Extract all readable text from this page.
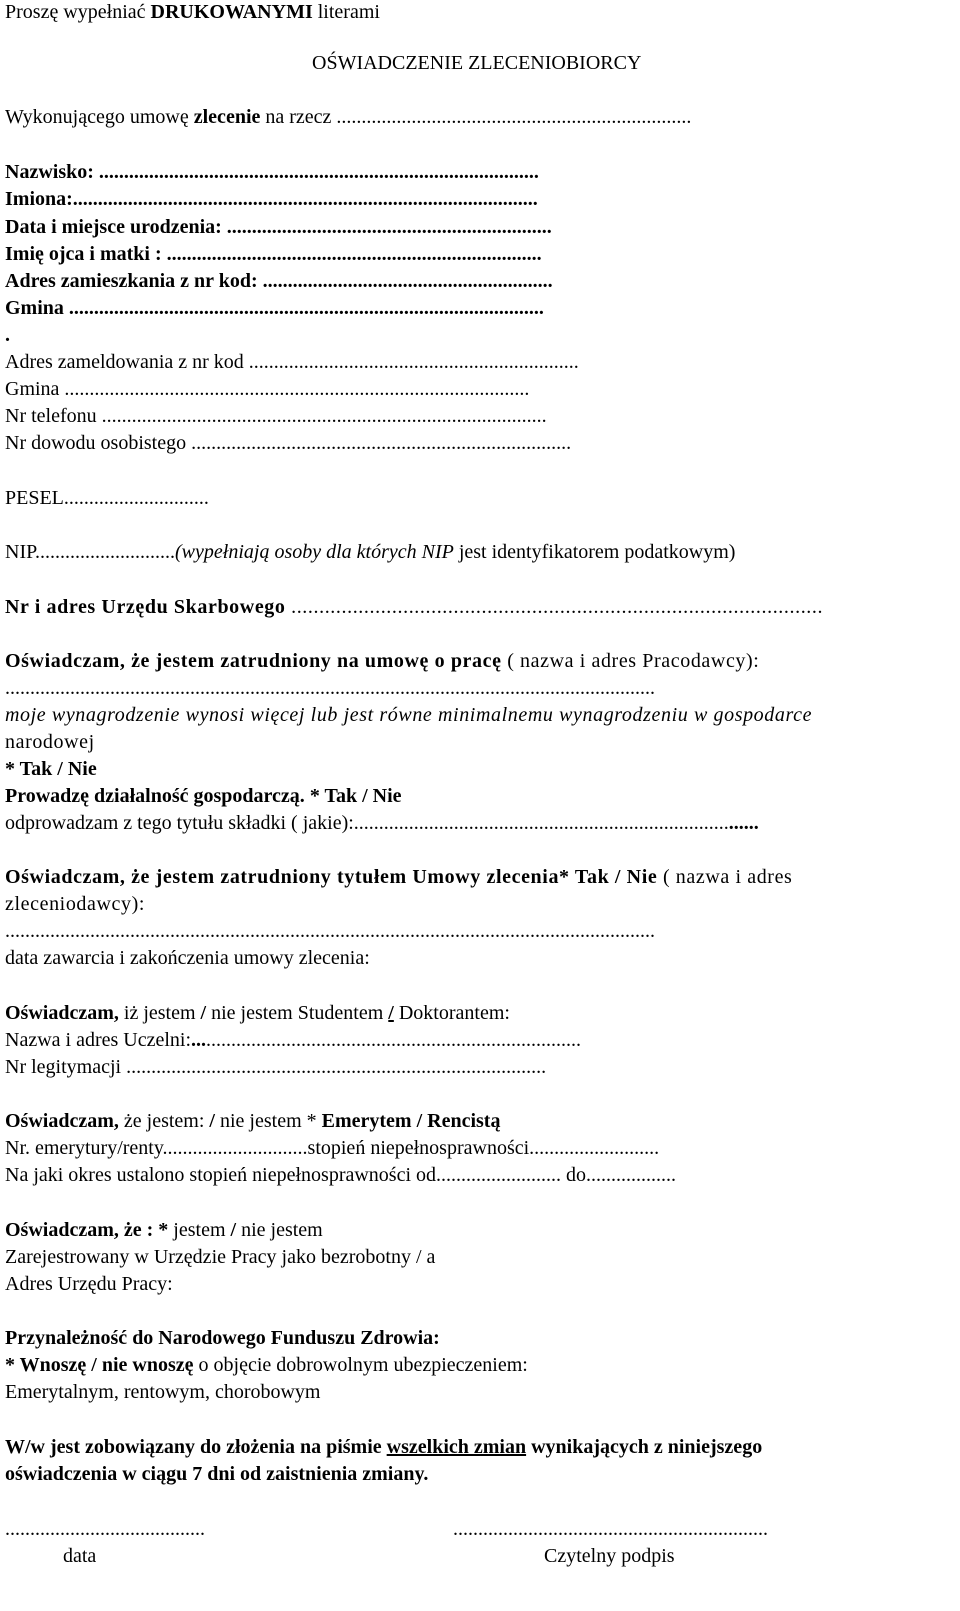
Proszę wypełniać DRUKOWANYMI literami
OŚWIADCZENIE ZLECENIOBIORCY
Wykonującego umowę zlecenie na rzecz .......................................................................
Nazwisko: ........................................................................................
Imiona:.............................................................................................
Data i miejsce urodzenia: .................................................................
Imię ojca i matki : ...........................................................................
Adres zamieszkania z nr kod: ..........................................................
Gmina ...............................................................................................
.
Adres zameldowania z nr kod ..................................................................
Gmina .............................................................................................
Nr telefonu .........................................................................................
Nr dowodu osobistego ............................................................................
PESEL.............................
NIP............................(wypełniają osoby dla których NIP jest identyfikatorem podatkowym)
Nr i adres Urzędu Skarbowego ...............................................................................................
Oświadczam, że jestem zatrudniony na umowę o pracę ( nazwa i adres Pracodawcy):
..................................................................................................................................
moje wynagrodzenie wynosi więcej lub jest równe minimalnemu wynagrodzeniu w gospodarce
narodowej
* Tak / Nie
Prowadzę działalność gospodarczą. * Tak / Nie
odprowadzam z tego tytułu składki ( jakie):.................................................................................
Oświadczam, że jestem zatrudniony tytułem Umowy zlecenia* Tak / Nie ( nazwa i adres
zleceniodawcy):
..................................................................................................................................
data zawarcia i zakończenia umowy zlecenia:
Oświadczam, iż jestem / nie jestem Studentem / Doktorantem:
Nazwa i adres Uczelni:..............................................................................
Nr legitymacji ....................................................................................
Oświadczam, że jestem: / nie jestem * Emerytem / Rencistą
Nr. emerytury/renty.............................stopień niepełnosprawności..........................
Na jaki okres ustalono stopień niepełnosprawności od......................... do..................
Oświadczam, że : * jestem / nie jestem
Zarejestrowany w Urzędzie Pracy jako bezrobotny / a
Adres Urzędu Pracy:
Przynależność do Narodowego Funduszu Zdrowia:
* Wnoszę / nie wnoszę o objęcie dobrowolnym ubezpieczeniem:
Emerytalnym, rentowym, chorobowym
W/w jest zobowiązany do złożenia na piśmie wszelkich zmian wynikających z niniejszego
oświadczenia w ciągu 7 dni od zaistnienia zmiany.
........................................	...............................................................
data	Czytelny podpis
